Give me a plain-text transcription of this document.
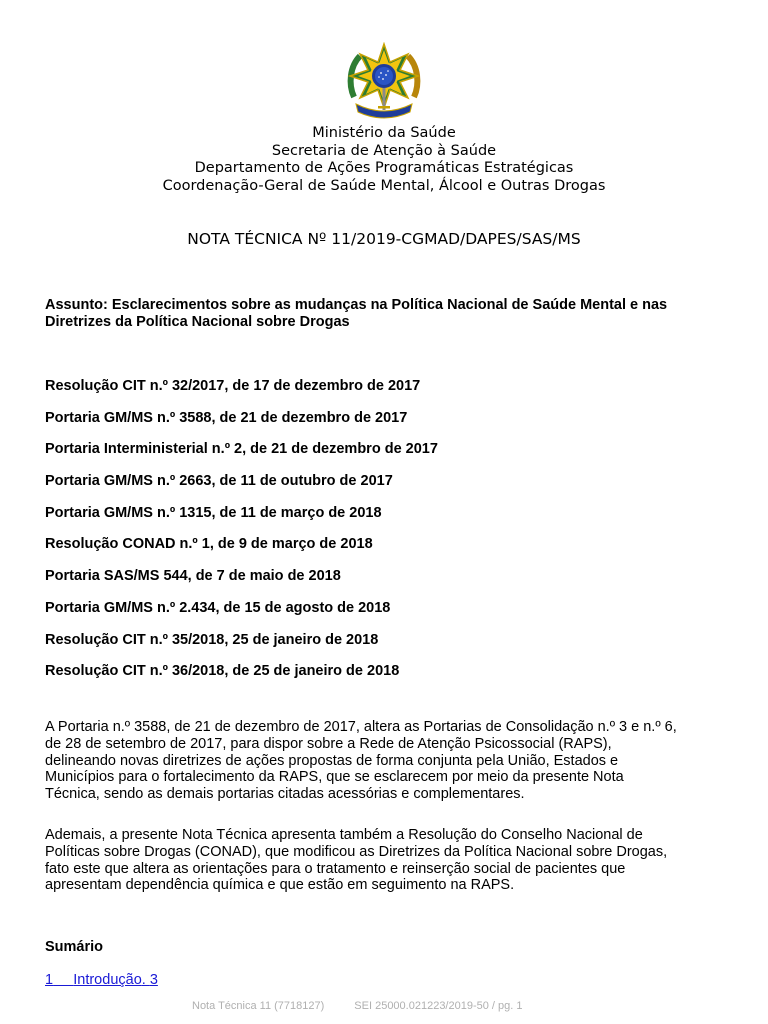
Ministério da Saúde
Secretaria de Atenção à Saúde
Departamento de Ações Programáticas Estratégicas
Coordenação-Geral de Saúde Mental, Álcool e Outras Drogas
NOTA TÉCNICA Nº 11/2019-CGMAD/DAPES/SAS/MS
Assunto: Esclarecimentos sobre as mudanças na Política Nacional de Saúde Mental e nas Diretrizes da Política Nacional sobre Drogas
Resolução CIT n.º 32/2017, de 17 de dezembro de 2017
Portaria GM/MS n.º 3588, de 21 de dezembro de 2017
Portaria Interministerial n.º 2, de 21 de dezembro de 2017
Portaria GM/MS n.º 2663, de 11 de outubro de 2017
Portaria GM/MS n.º 1315, de 11 de março de 2018
Resolução CONAD n.º 1, de 9 de março de 2018
Portaria SAS/MS 544, de 7 de maio de 2018
Portaria GM/MS n.º 2.434, de 15 de agosto de 2018
Resolução CIT n.º 35/2018, 25 de janeiro de 2018
Resolução CIT n.º 36/2018, de 25 de janeiro de 2018
A Portaria n.º 3588, de 21 de dezembro de 2017, altera as Portarias de Consolidação n.º 3 e n.º 6,
de 28 de setembro de 2017, para dispor sobre a Rede de Atenção Psicossocial (RAPS),
delineando novas diretrizes de ações propostas de forma conjunta pela União, Estados e
Municípios para o fortalecimento da RAPS, que se esclarecem por meio da presente Nota
Técnica, sendo as demais portarias citadas acessórias e complementares.
Ademais, a presente Nota Técnica apresenta também a Resolução do Conselho Nacional de
Políticas sobre Drogas (CONAD), que modificou as Diretrizes da Política Nacional sobre Drogas,
fato este que altera as orientações para o tratamento e reinserção social de pacientes que
apresentam dependência química e que estão em seguimento na RAPS.
Sumário
1 Introdução. 3
Nota Técnica 11 (7718127)	SEI 25000.021223/2019-50 / pg. 1
